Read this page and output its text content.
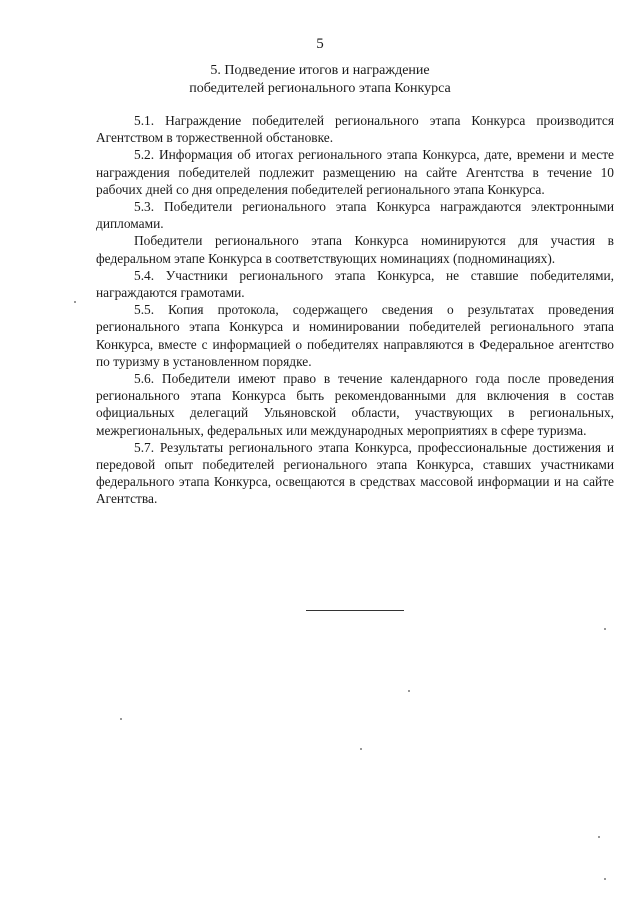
5
5. Подведение итогов и награждение
победителей регионального этапа Конкурса

5.1. Награждение победителей регионального этапа Конкурса производится Агентством в торжественной обстановке.

5.2. Информация об итогах регионального этапа Конкурса, дате, времени и месте награждения победителей подлежит размещению на сайте Агентства в течение 10 рабочих дней со дня определения победителей регионального этапа Конкурса.

5.3. Победители регионального этапа Конкурса награждаются электронными дипломами.

Победители регионального этапа Конкурса номинируются для участия в федеральном этапе Конкурса в соответствующих номинациях (подноминациях).

5.4. Участники регионального этапа Конкурса, не ставшие победителями, награждаются грамотами.

5.5. Копия протокола, содержащего сведения о результатах проведения регионального этапа Конкурса и номинировании победителей регионального этапа Конкурса, вместе с информацией о победителях направляются в Федеральное агентство по туризму в установленном порядке.

5.6. Победители имеют право в течение календарного года после проведения регионального этапа Конкурса быть рекомендованными для включения в состав официальных делегаций Ульяновской области, участвующих в региональных, межрегиональных, федеральных или международных мероприятиях в сфере туризма.

5.7. Результаты регионального этапа Конкурса, профессиональные достижения и передовой опыт победителей регионального этапа Конкурса, ставших участниками федерального этапа Конкурса, освещаются в средствах массовой информации и на сайте Агентства.
